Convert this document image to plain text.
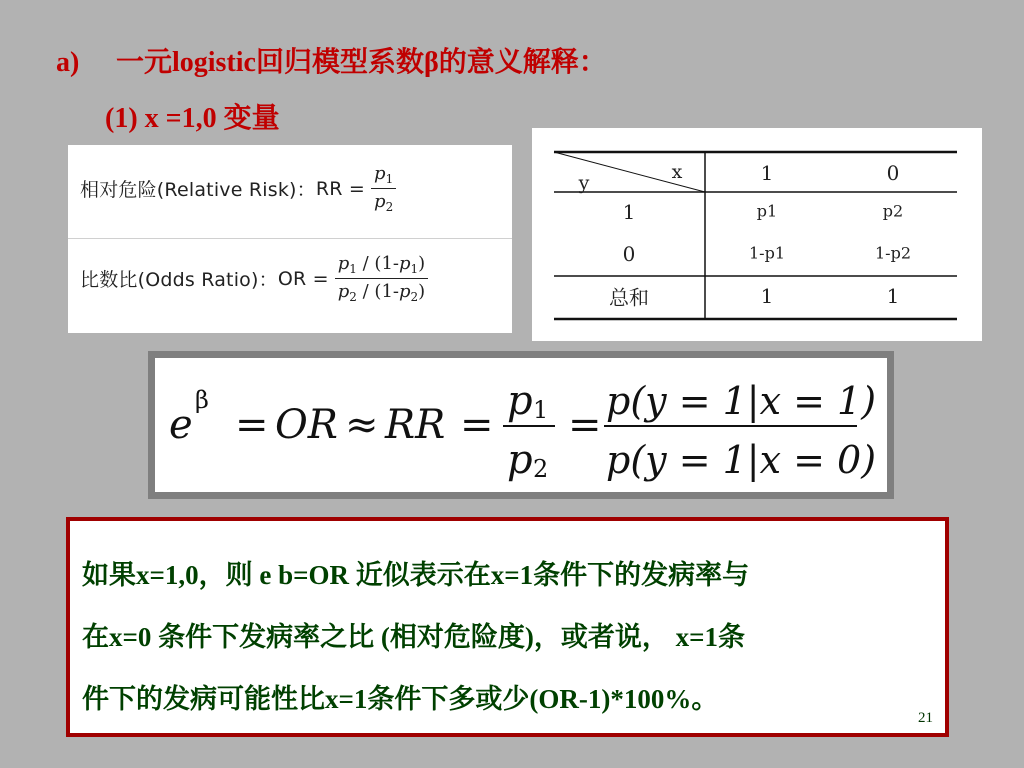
a) 一元logistic回归模型系数β的意义解释：
(1) x =1,0 变量
相对危险(Relative Risk)： RR = $\frac{p_1}{p_2}$
比数比(Odds Ratio)： OR = $\frac{p_1 / (1-p_1)}{p_2 / (1-p_2)}$
y	x	1	0
1	p1	p2
0	1-p1	1-p2
总和	1	1
e
β
= OR ≈ RR =
p 1
p 2
=
p(y = 1|x = 1)
p(y = 1|x = 0)
如果x=1,0，则 e b=OR 近似表示在x=1条件下的发病率与
在x=0 条件下发病率之比 (相对危险度)，或者说， x=1条
件下的发病可能性比x=1条件下多或少(OR-1)*100%。
21
